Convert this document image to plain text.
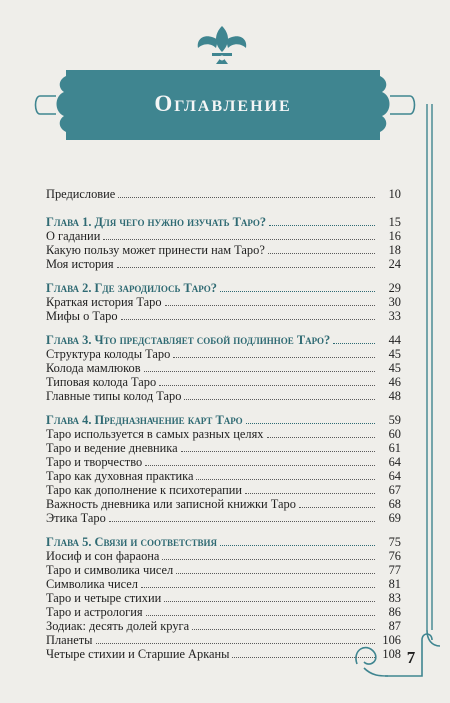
Оглавление
Предисловие	10
Глава 1. Для чего нужно изучать Таро?	15
О гадании	16
Какую пользу может принести нам Таро?	18
Моя история	24
Глава 2. Где зародилось Таро?	29
Краткая история Таро	30
Мифы о Таро	33
Глава 3. Что представляет собой подлинное Таро?	44
Структура колоды Таро	45
Колода мамлюков	45
Типовая колода Таро	46
Главные типы колод Таро	48
Глава 4. Предназначение карт Таро	59
Таро используется в самых разных целях	60
Таро и ведение дневника	61
Таро и творчество	64
Таро как духовная практика	64
Таро как дополнение к психотерапии	67
Важность дневника или записной книжки Таро	68
Этика Таро	69
Глава 5. Связи и соответствия	75
Иосиф и сон фараона	76
Таро и символика чисел	77
Символика чисел	81
Таро и четыре стихии	83
Таро и астрология	86
Зодиак: десять долей круга	87
Планеты	106
Четыре стихии и Старшие Арканы	108 7
